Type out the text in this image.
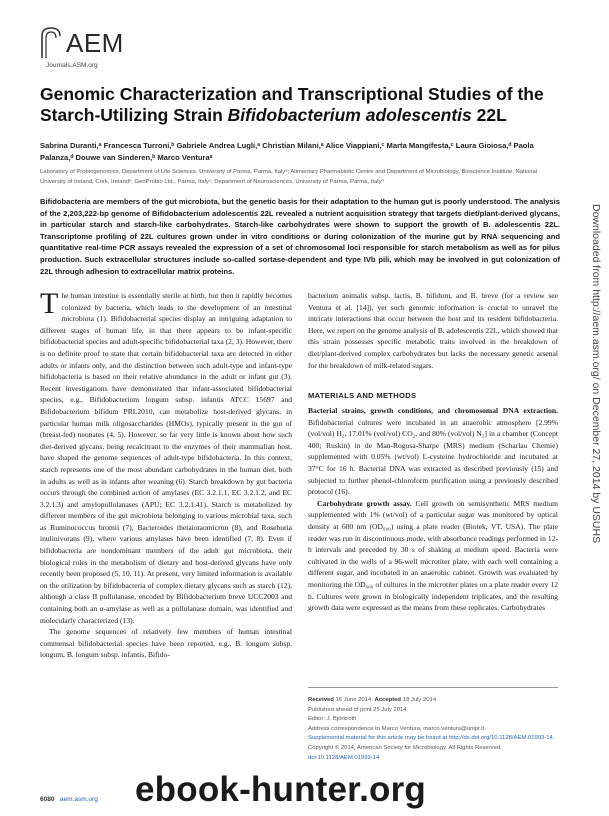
AEM
Journals.ASM.org
Genomic Characterization and Transcriptional Studies of the Starch-Utilizing Strain Bifidobacterium adolescentis 22L
Sabrina Duranti,ᵃ Francesca Turroni,ᵇ Gabriele Andrea Lugli,ᵃ Christian Milani,ᵃ Alice Viappiani,ᶜ Marta Mangifesta,ᶜ Laura Gioiosa,ᵈ Paola Palanza,ᵈ Douwe van Sinderen,ᵇ Marco Venturaᵃ
Laboratory of Probiogenomics, Department of Life Sciences, University of Parma, Parma, Italyᵃ; Alimentary Pharmabiotic Centre and Department of Microbiology, Bioscience Institute, National University of Ireland, Cork, Irelandᵇ; GenProbio Ltd., Parma, Italyᶜ; Department of Neurosciences, University of Parma, Parma, Italyᵈ
Bifidobacteria are members of the gut microbiota, but the genetic basis for their adaptation to the human gut is poorly understood. The analysis of the 2,203,222-bp genome of Bifidobacterium adolescentis 22L revealed a nutrient acquisition strategy that targets diet/plant-derived glycans, in particular starch and starch-like carbohydrates. Starch-like carbohydrates were shown to support the growth of B. adolescentis 22L. Transcriptome profiling of 22L cultures grown under in vitro conditions or during colonization of the murine gut by RNA sequencing and quantitative real-time PCR assays revealed the expression of a set of chromosomal loci responsible for starch metabolism as well as for pilus production. Such extracellular structures include so-called sortase-dependent and type IVb pili, which may be involved in gut colonization of 22L through adhesion to extracellular matrix proteins.

The human intestine is essentially sterile at birth, but then it rapidly becomes colonized by bacteria, which leads to the development of an intestinal microbiota (1). Bifidobacterial species display an intriguing adaptation to different stages of human life, in that there appears to be infant-specific bifidobacterial species and adult-specific bifidobacterial taxa (2, 3). However, there is no definite proof to state that certain bifidobacterial taxa are detected in either adults or infants only, and the distinction between such adult-type and infant-type bifidobacteria is based on their relative abundance in the adult or infant gut (3). Recent investigations have demonstrated that infant-associated bifidobacterial species, e.g., Bifidobacterium longum subsp. infantis ATCC 15697 and Bifidobacterium bifidum PRL2010, can metabolize host-derived glycans, in particular human milk oligosaccharides (HMOs), typically present in the gut of (breast-fed) neonates (4, 5). However, so far very little is known about how such diet-derived glycans, being recalcitrant to the enzymes of their mammalian host, have shaped the genome sequences of adult-type bifidobacteria. In this context, starch represents one of the most abundant carbohydrates in the human diet, both in adults as well as in infants after weaning (6). Starch breakdown by gut bacteria occurs through the combined action of amylases (EC 3.2.1.1, EC 3.2.1.2, and EC 3.2.1.3) and amylopullulanases (APU; EC 3.2.1.41). Starch is metabolized by different members of the gut microbiota belonging to various microbial taxa, such as Ruminococcus bromii (7), Bacteroides thetaiotaomicron (8), and Roseburia inulinivorans (9), where various amylases have been identified (7, 8). Even if bifidobacteria are nondominant members of the adult gut microbiota, their biological roles in the metabolism of dietary and host-derived glycans have only recently been proposed (5, 10, 11). At present, very limited information is available on the utilization by bifidobacteria of complex dietary glycans such as starch (12), although a class II pullulanase, encoded by Bifidobacterium breve UCC2003 and containing both an α-amylase as well as a pullulanase domain, was identified and molecularly characterized (13).

The genome sequences of relatively few members of human intestinal commensal bifidobacterial species have been reported, e.g., B. longum subsp. longum, B. longum subsp. infantis, Bifido-

bacterium animalis subsp. lactis, B. bifidum, and B. breve (for a review see Ventura et al. [14]), yet such genomic information is crucial to unravel the intricate interactions that occur between the host and its resident bifidobacteria. Here, we report on the genome analysis of B. adolescentis 22L, which showed that this strain possesses specific metabolic traits involved in the breakdown of diet/plant-derived complex carbohydrates but lacks the necessary genetic arsenal for the breakdown of milk-related sugars.

MATERIALS AND METHODS

Bacterial strains, growth conditions, and chromosomal DNA extraction. Bifidobacterial cultures were incubated in an anaerobic atmosphere [2.99% (vol/vol) H₂, 17.01% (vol/vol) CO₂, and 80% (vol/vol) N₂] in a chamber (Concept 400; Ruskin) in de Man-Rogosa-Sharpe (MRS) medium (Scharlau Chemie) supplemented with 0.05% (wt/vol) L-cysteine hydrochloride and incubated at 37°C for 16 h. Bacterial DNA was extracted as described previously (15) and subjected to further phenol-chloroform purification using a previously described protocol (16).

Carbohydrate growth assay. Cell growth on semisynthetic MRS medium supplemented with 1% (wt/vol) of a particular sugar was monitored by optical density at 600 nm (OD₆₀₀) using a plate reader (Biotek, VT, USA). The plate reader was run in discontinuous mode, with absorbance readings performed in 12-h intervals and preceded by 30 s of shaking at medium speed. Bacteria were cultivated in the wells of a 96-well microtiter plate, with each well containing a different sugar, and incubated in an anaerobic cabinet. Growth was evaluated by monitoring the OD₆₀₀ of cultures in the microtiter plates on a plate reader every 12 h. Cultures were grown in biologically independent triplicates, and the resulting growth data were expressed as the means from these replicates. Carbohydrates

Received 16 June 2014 Accepted 18 July 2014
Published ahead of print 25 July 2014
Editor: J. Björkroth
Address correspondence to Marco Ventura, marco.ventura@unipr.it.
Supplemental material for this article may be found at http://dx.doi.org/10.1128/AEM.01993-14.
Copyright © 2014, American Society for Microbiology. All Rights Reserved.
doi:10.1128/AEM.01993-14
Downloaded from http://aem.asm.org/ on December 27, 2014 by USUHS
6080 aem.asm.org	ebook-hunter.org
